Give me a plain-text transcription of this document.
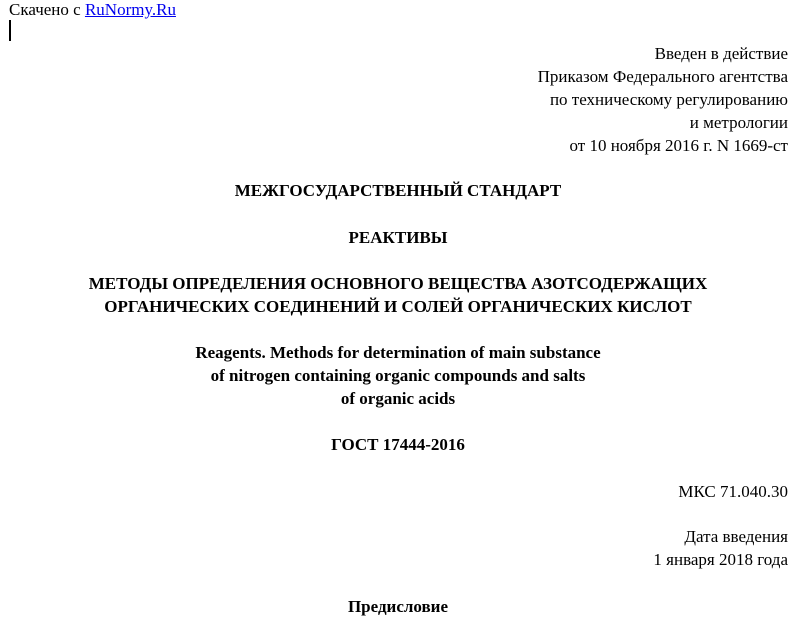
Скачено с RuNormy.Ru
Введен в действие
Приказом Федерального агентства
по техническому регулированию
и метрологии
от 10 ноября 2016 г. N 1669-ст
МЕЖГОСУДАРСТВЕННЫЙ СТАНДАРТ
РЕАКТИВЫ
МЕТОДЫ ОПРЕДЕЛЕНИЯ ОСНОВНОГО ВЕЩЕСТВА АЗОТСОДЕРЖАЩИХ
ОРГАНИЧЕСКИХ СОЕДИНЕНИЙ И СОЛЕЙ ОРГАНИЧЕСКИХ КИСЛОТ
Reagents. Methods for determination of main substance
of nitrogen containing organic compounds and salts
of organic acids
ГОСТ 17444-2016
МКС 71.040.30
Дата введения
1 января 2018 года
Предисловие
